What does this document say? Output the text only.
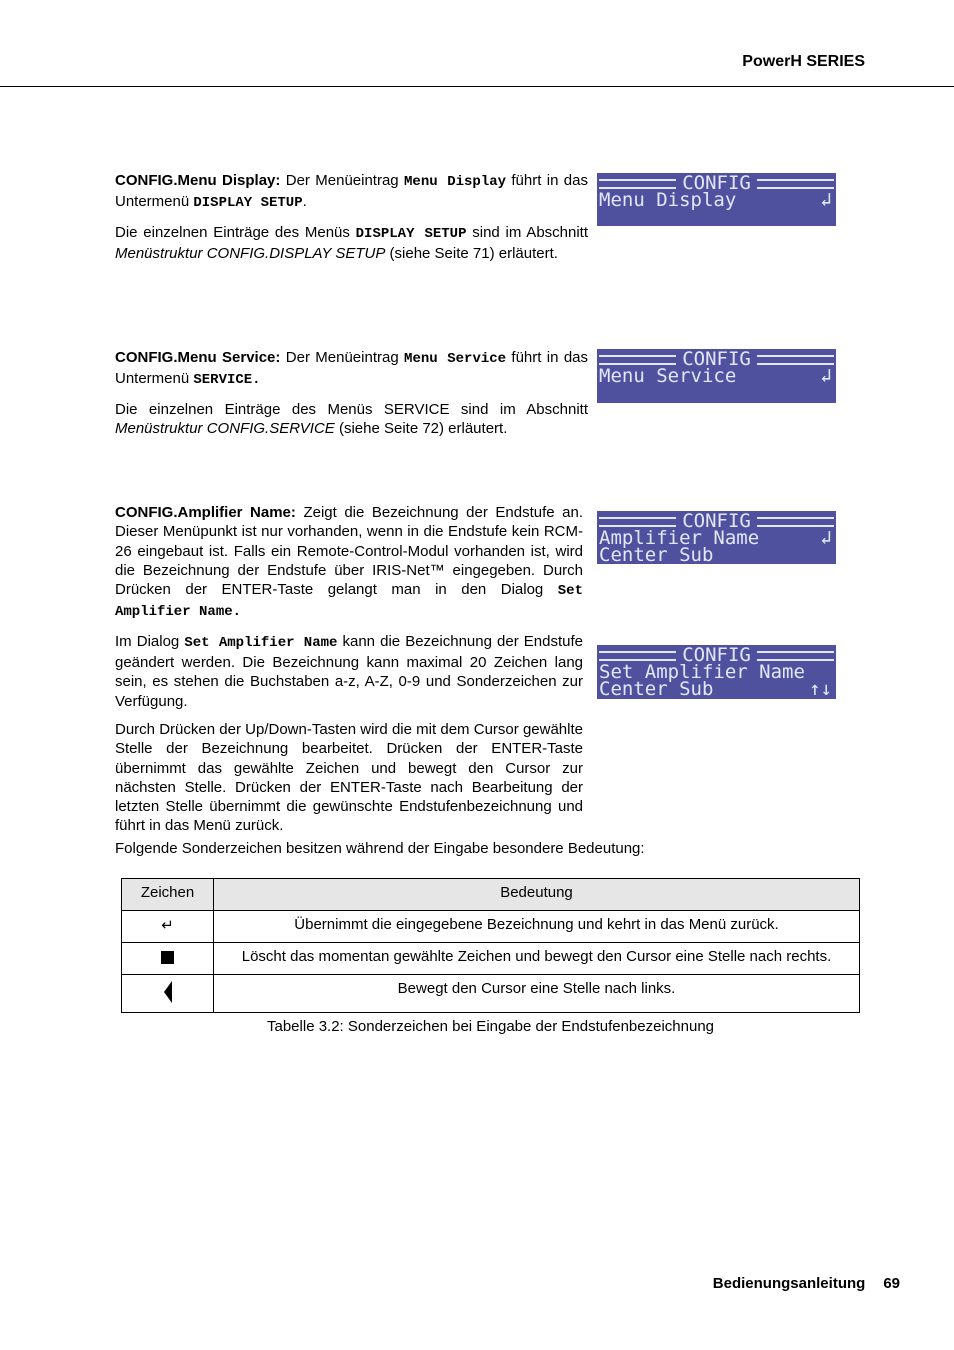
PowerH SERIES

CONFIG.Menu Display: Der Menüeintrag Menu Display führt in das Untermenü DISPLAY SETUP.

Die einzelnen Einträge des Menüs DISPLAY SETUP sind im Abschnitt Menüstruktur CONFIG.DISPLAY SETUP (siehe Seite 71) erläutert.

CONFIG
Menu Display	↲

CONFIG.Menu Service: Der Menüeintrag Menu Service führt in das Untermenü SERVICE.

Die einzelnen Einträge des Menüs SERVICE sind im Abschnitt Menüstruktur CONFIG.SERVICE (siehe Seite 72) erläutert.

CONFIG
Menu Service	↲

CONFIG.Amplifier Name: Zeigt die Bezeichnung der Endstufe an. Dieser Menüpunkt ist nur vorhanden, wenn in die Endstufe kein RCM-26 eingebaut ist. Falls ein Remote-Control-Modul vorhanden ist, wird die Bezeichnung der Endstufe über IRIS-Net™ eingegeben. Durch Drücken der ENTER-Taste gelangt man in den Dialog Set Amplifier Name.

Im Dialog Set Amplifier Name kann die Bezeichnung der Endstufe geändert werden. Die Bezeichnung kann maximal 20 Zeichen lang sein, es stehen die Buchstaben a-z, A-Z, 0-9 und Sonderzeichen zur Verfügung.

Durch Drücken der Up/Down-Tasten wird die mit dem Cursor gewählte Stelle der Bezeichnung bearbeitet. Drücken der ENTER-Taste übernimmt das gewählte Zeichen und bewegt den Cursor zur nächsten Stelle. Drücken der ENTER-Taste nach Bearbeitung der letzten Stelle übernimmt die gewünschte Endstufenbezeichnung und führt in das Menü zurück.

Folgende Sonderzeichen besitzen während der Eingabe besondere Bedeutung:

CONFIG
Amplifier Name	↲
Center Sub
CONFIG
Set Amplifier Name
Center Sub	↑↓
Zeichen	Bedeutung
↵	Übernimmt die eingegebene Bezeichnung und kehrt in das Menü zurück.
	Löscht das momentan gewählte Zeichen und bewegt den Cursor eine Stelle nach rechts.
	Bewegt den Cursor eine Stelle nach links.
Tabelle 3.2: Sonderzeichen bei Eingabe der Endstufenbezeichnung
Bedienungsanleitung 69
